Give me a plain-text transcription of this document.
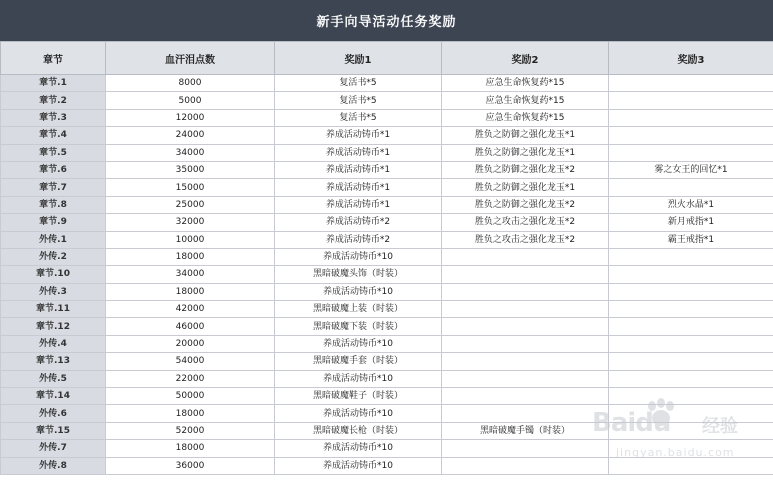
新手向导活动任务奖励
章节	血汗泪点数	奖励1	奖励2	奖励3
章节.1	8000	复活书*5	应急生命恢复药*15	
章节.2	5000	复活书*5	应急生命恢复药*15	
章节.3	12000	复活书*5	应急生命恢复药*15	
章节.4	24000	养成活动铸币*1	胜负之防御之强化龙玉*1	
章节.5	34000	养成活动铸币*1	胜负之防御之强化龙玉*1	
章节.6	35000	养成活动铸币*1	胜负之防御之强化龙玉*2	雾之女王的回忆*1
章节.7	15000	养成活动铸币*1	胜负之防御之强化龙玉*1	
章节.8	25000	养成活动铸币*1	胜负之防御之强化龙玉*2	烈火水晶*1
章节.9	32000	养成活动铸币*2	胜负之攻击之强化龙玉*2	新月戒指*1
外传.1	10000	养成活动铸币*2	胜负之攻击之强化龙玉*2	霸王戒指*1
外传.2	18000	养成活动铸币*10		
章节.10	34000	黑暗破魔头饰（时装）		
外传.3	18000	养成活动铸币*10		
章节.11	42000	黑暗破魔上装（时装）		
章节.12	46000	黑暗破魔下装（时装）		
外传.4	20000	养成活动铸币*10		
章节.13	54000	黑暗破魔手套（时装）		
外传.5	22000	养成活动铸币*10		
章节.14	50000	黑暗破魔鞋子（时装）		
外传.6	18000	养成活动铸币*10		
章节.15	52000	黑暗破魔长枪（时装）	黑暗破魔手镯（时装）	
外传.7	18000	养成活动铸币*10		
外传.8	36000	养成活动铸币*10		
Baidu 经验
jingyan.baidu.com
